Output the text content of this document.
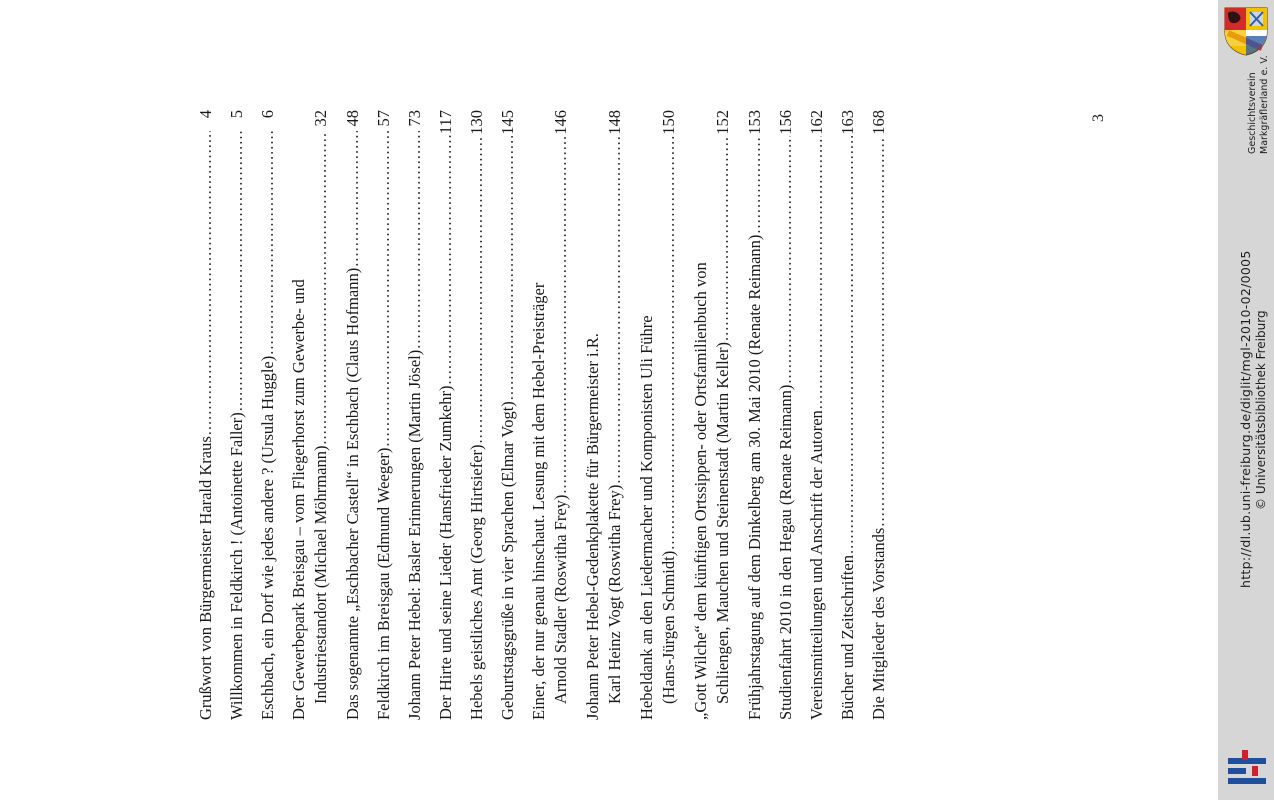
Grußwort von Bürgermeister Harald Kraus
.....
4
Willkommen in Feldkirch ! (Antoinette Faller)
.....
5
Eschbach, ein Dorf wie jedes andere ? (Ursula Huggle)
.....
6
Der Gewerbepark Breisgau – vom Fliegerhorst zum Gewerbe- und Industriestandort (Michael Möhrmann)
.....
32
Das sogenannte „Eschbacher Castell“ in Eschbach (Claus Hofmann)
.....
48
Feldkirch im Breisgau (Edmund Weeger)
.....
57
Johann Peter Hebel: Basler Erinnerungen (Martin Jösel)
.....
73
Der Hirte und seine Lieder (Hansfrieder Zumkehr)
.....
117
Hebels geistliches Amt (Georg Hirtsiefer)
.....
130
Geburtstagsgrüße in vier Sprachen (Elmar Vogt)
.....
145
Einer, der nur genau hinschaut. Lesung mit dem Hebel-Preisträger Arnold Stadler (Roswitha Frey)
.....
146
Johann Peter Hebel-Gedenkplakette für Bürgermeister i.R. Karl Heinz Vogt (Roswitha Frey)
.....
148
Hebeldank an den Liedermacher und Komponisten Uli Führe (Hans-Jürgen Schmidt)
.....
150
„Gott Wilche“ dem künftigen Ortssippen- oder Ortsfamilienbuch von Schliengen, Mauchen und Steinenstadt (Martin Keller)
.....
152
Frühjahrstagung auf dem Dinkelberg am 30. Mai 2010 (Renate Reimann)
.....
153
Studienfahrt 2010 in den Hegau (Renate Reimann)
.....
156
Vereinsmitteilungen und Anschrift der Autoren
.....
162
Bücher und Zeitschriften
.....
163
Die Mitglieder des Vorstands
.....
168	3	Geschichtsverein Markgräflerland e. V.
http://dl.ub.uni-freiburg.de/diglit/mgl-2010-02/0005 © Universitätsbibliothek Freiburg
